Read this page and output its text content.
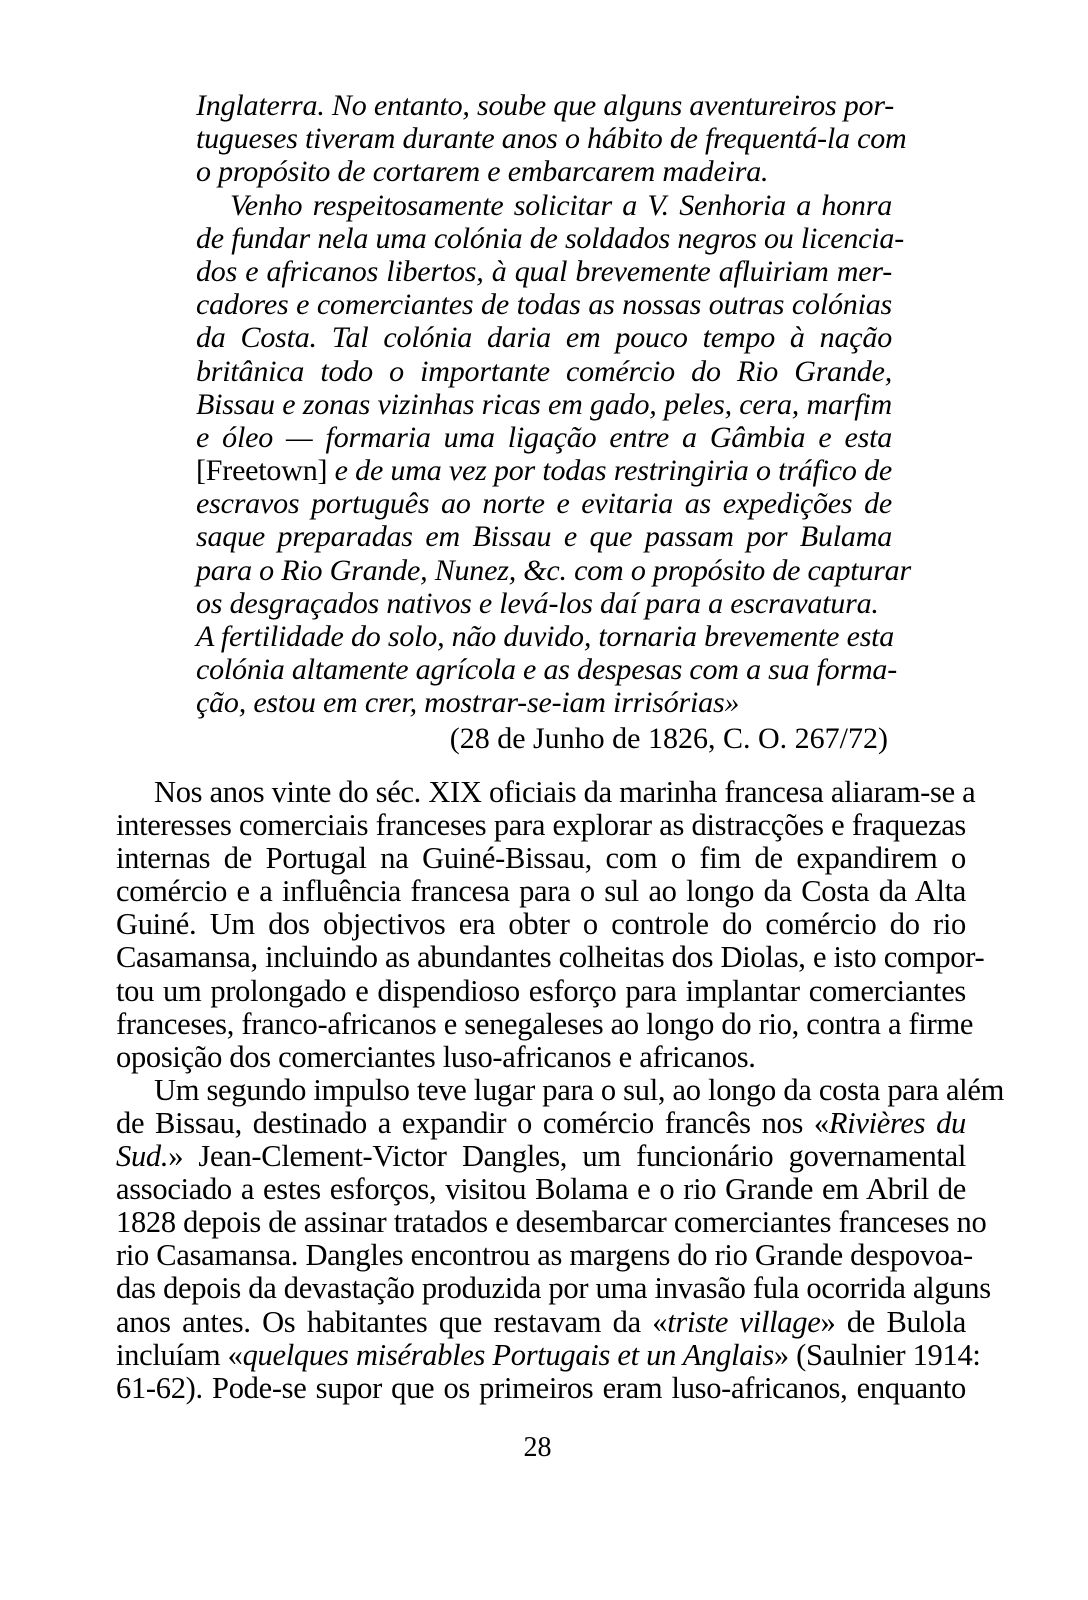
Inglaterra. No entanto, soube que alguns aventureiros por-
tugueses tiveram durante anos o hábito de frequentá-la com
o propósito de cortarem e embarcarem madeira.
Venho respeitosamente solicitar a V. Senhoria a honra
de fundar nela uma colónia de soldados negros ou licencia-
dos e africanos libertos, à qual brevemente afluiriam mer-
cadores e comerciantes de todas as nossas outras colónias
da Costa. Tal colónia daria em pouco tempo à nação
britânica todo o importante comércio do Rio Grande,
Bissau e zonas vizinhas ricas em gado, peles, cera, marfim
e óleo — formaria uma ligação entre a Gâmbia e esta
[Freetown] e de uma vez por todas restringiria o tráfico de
escravos português ao norte e evitaria as expedições de
saque preparadas em Bissau e que passam por Bulama
para o Rio Grande, Nunez, &c. com o propósito de capturar
os desgraçados nativos e levá-los daí para a escravatura.
A fertilidade do solo, não duvido, tornaria brevemente esta
colónia altamente agrícola e as despesas com a sua forma-
ção, estou em crer, mostrar-se-iam irrisórias»
(28 de Junho de 1826, C. O. 267/72)
Nos anos vinte do séc. XIX oficiais da marinha francesa aliaram-se a
interesses comerciais franceses para explorar as distracções e fraquezas
internas de Portugal na Guiné-Bissau, com o fim de expandirem o
comércio e a influência francesa para o sul ao longo da Costa da Alta
Guiné. Um dos objectivos era obter o controle do comércio do rio
Casamansa, incluindo as abundantes colheitas dos Diolas, e isto compor-
tou um prolongado e dispendioso esforço para implantar comerciantes
franceses, franco-africanos e senegaleses ao longo do rio, contra a firme
oposição dos comerciantes luso-africanos e africanos.
Um segundo impulso teve lugar para o sul, ao longo da costa para além
de Bissau, destinado a expandir o comércio francês nos «Rivières du
Sud.» Jean-Clement-Victor Dangles, um funcionário governamental
associado a estes esforços, visitou Bolama e o rio Grande em Abril de
1828 depois de assinar tratados e desembarcar comerciantes franceses no
rio Casamansa. Dangles encontrou as margens do rio Grande despovoa-
das depois da devastação produzida por uma invasão fula ocorrida alguns
anos antes. Os habitantes que restavam da «triste village» de Bulola
incluíam «quelques misérables Portugais et un Anglais» (Saulnier 1914:
61-62). Pode-se supor que os primeiros eram luso-africanos, enquanto
28
